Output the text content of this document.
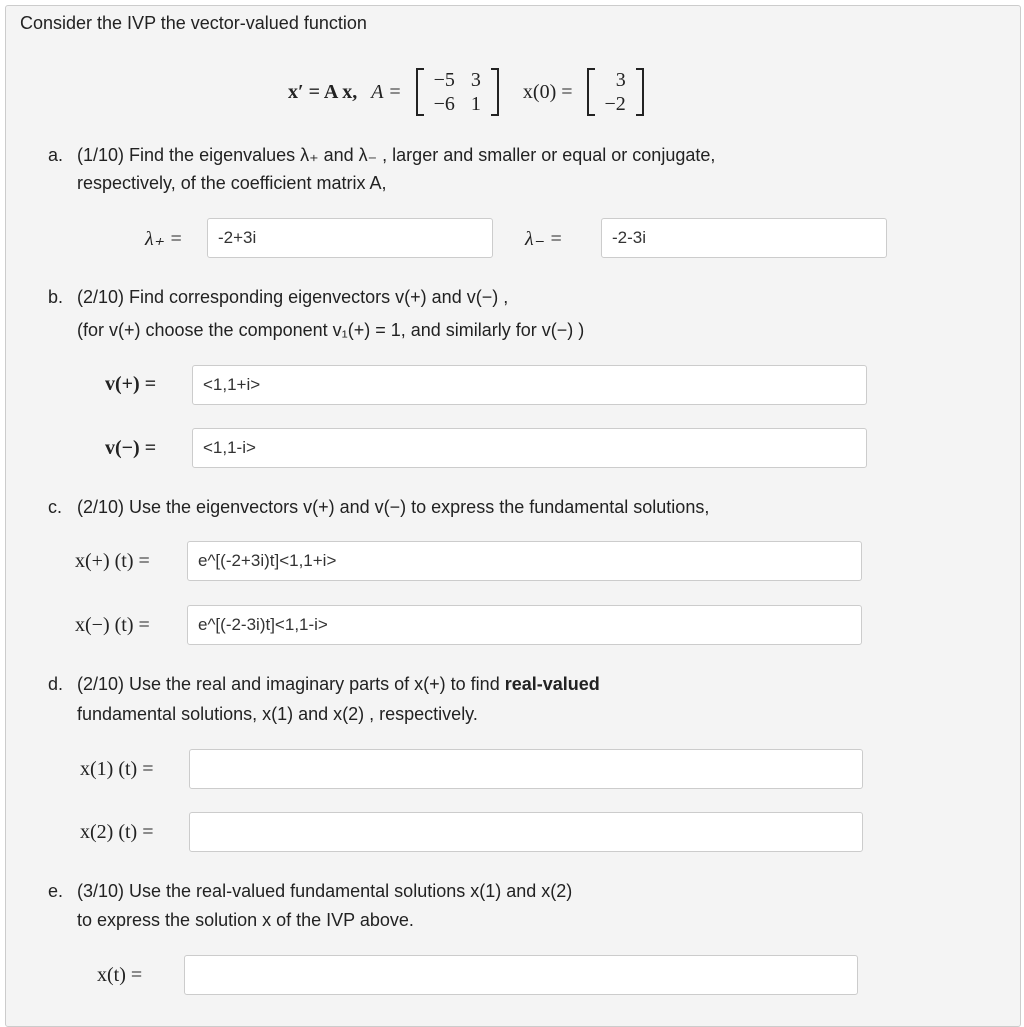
Consider the IVP the vector-valued function
x′ = A x, A =
−5	3
−6	1
x(0) =
3
−2
a. (1/10) Find the eigenvalues λ₊ and λ₋ , larger and smaller or equal or conjugate,
respectively, of the coefficient matrix A,
λ₊ =
-2+3i	λ₋ =
-2-3i
b. (2/10) Find corresponding eigenvectors v(+) and v(−) ,
(for v(+) choose the component v₁(+) = 1, and similarly for v(−) )
v(+) =
<1,1+i>
v(−) =
<1,1-i>
c. (2/10) Use the eigenvectors v(+) and v(−) to express the fundamental solutions,
x(+) (t) =
e^[(-2+3i)t]<1,1+i>
x(−) (t) =
e^[(-2-3i)t]<1,1-i>
d. (2/10) Use the real and imaginary parts of x(+) to find real-valued
fundamental solutions, x(1) and x(2) , respectively.
x(1) (t) =
x(2) (t) =
e. (3/10) Use the real-valued fundamental solutions x(1) and x(2)
to express the solution x of the IVP above.
x(t) =
